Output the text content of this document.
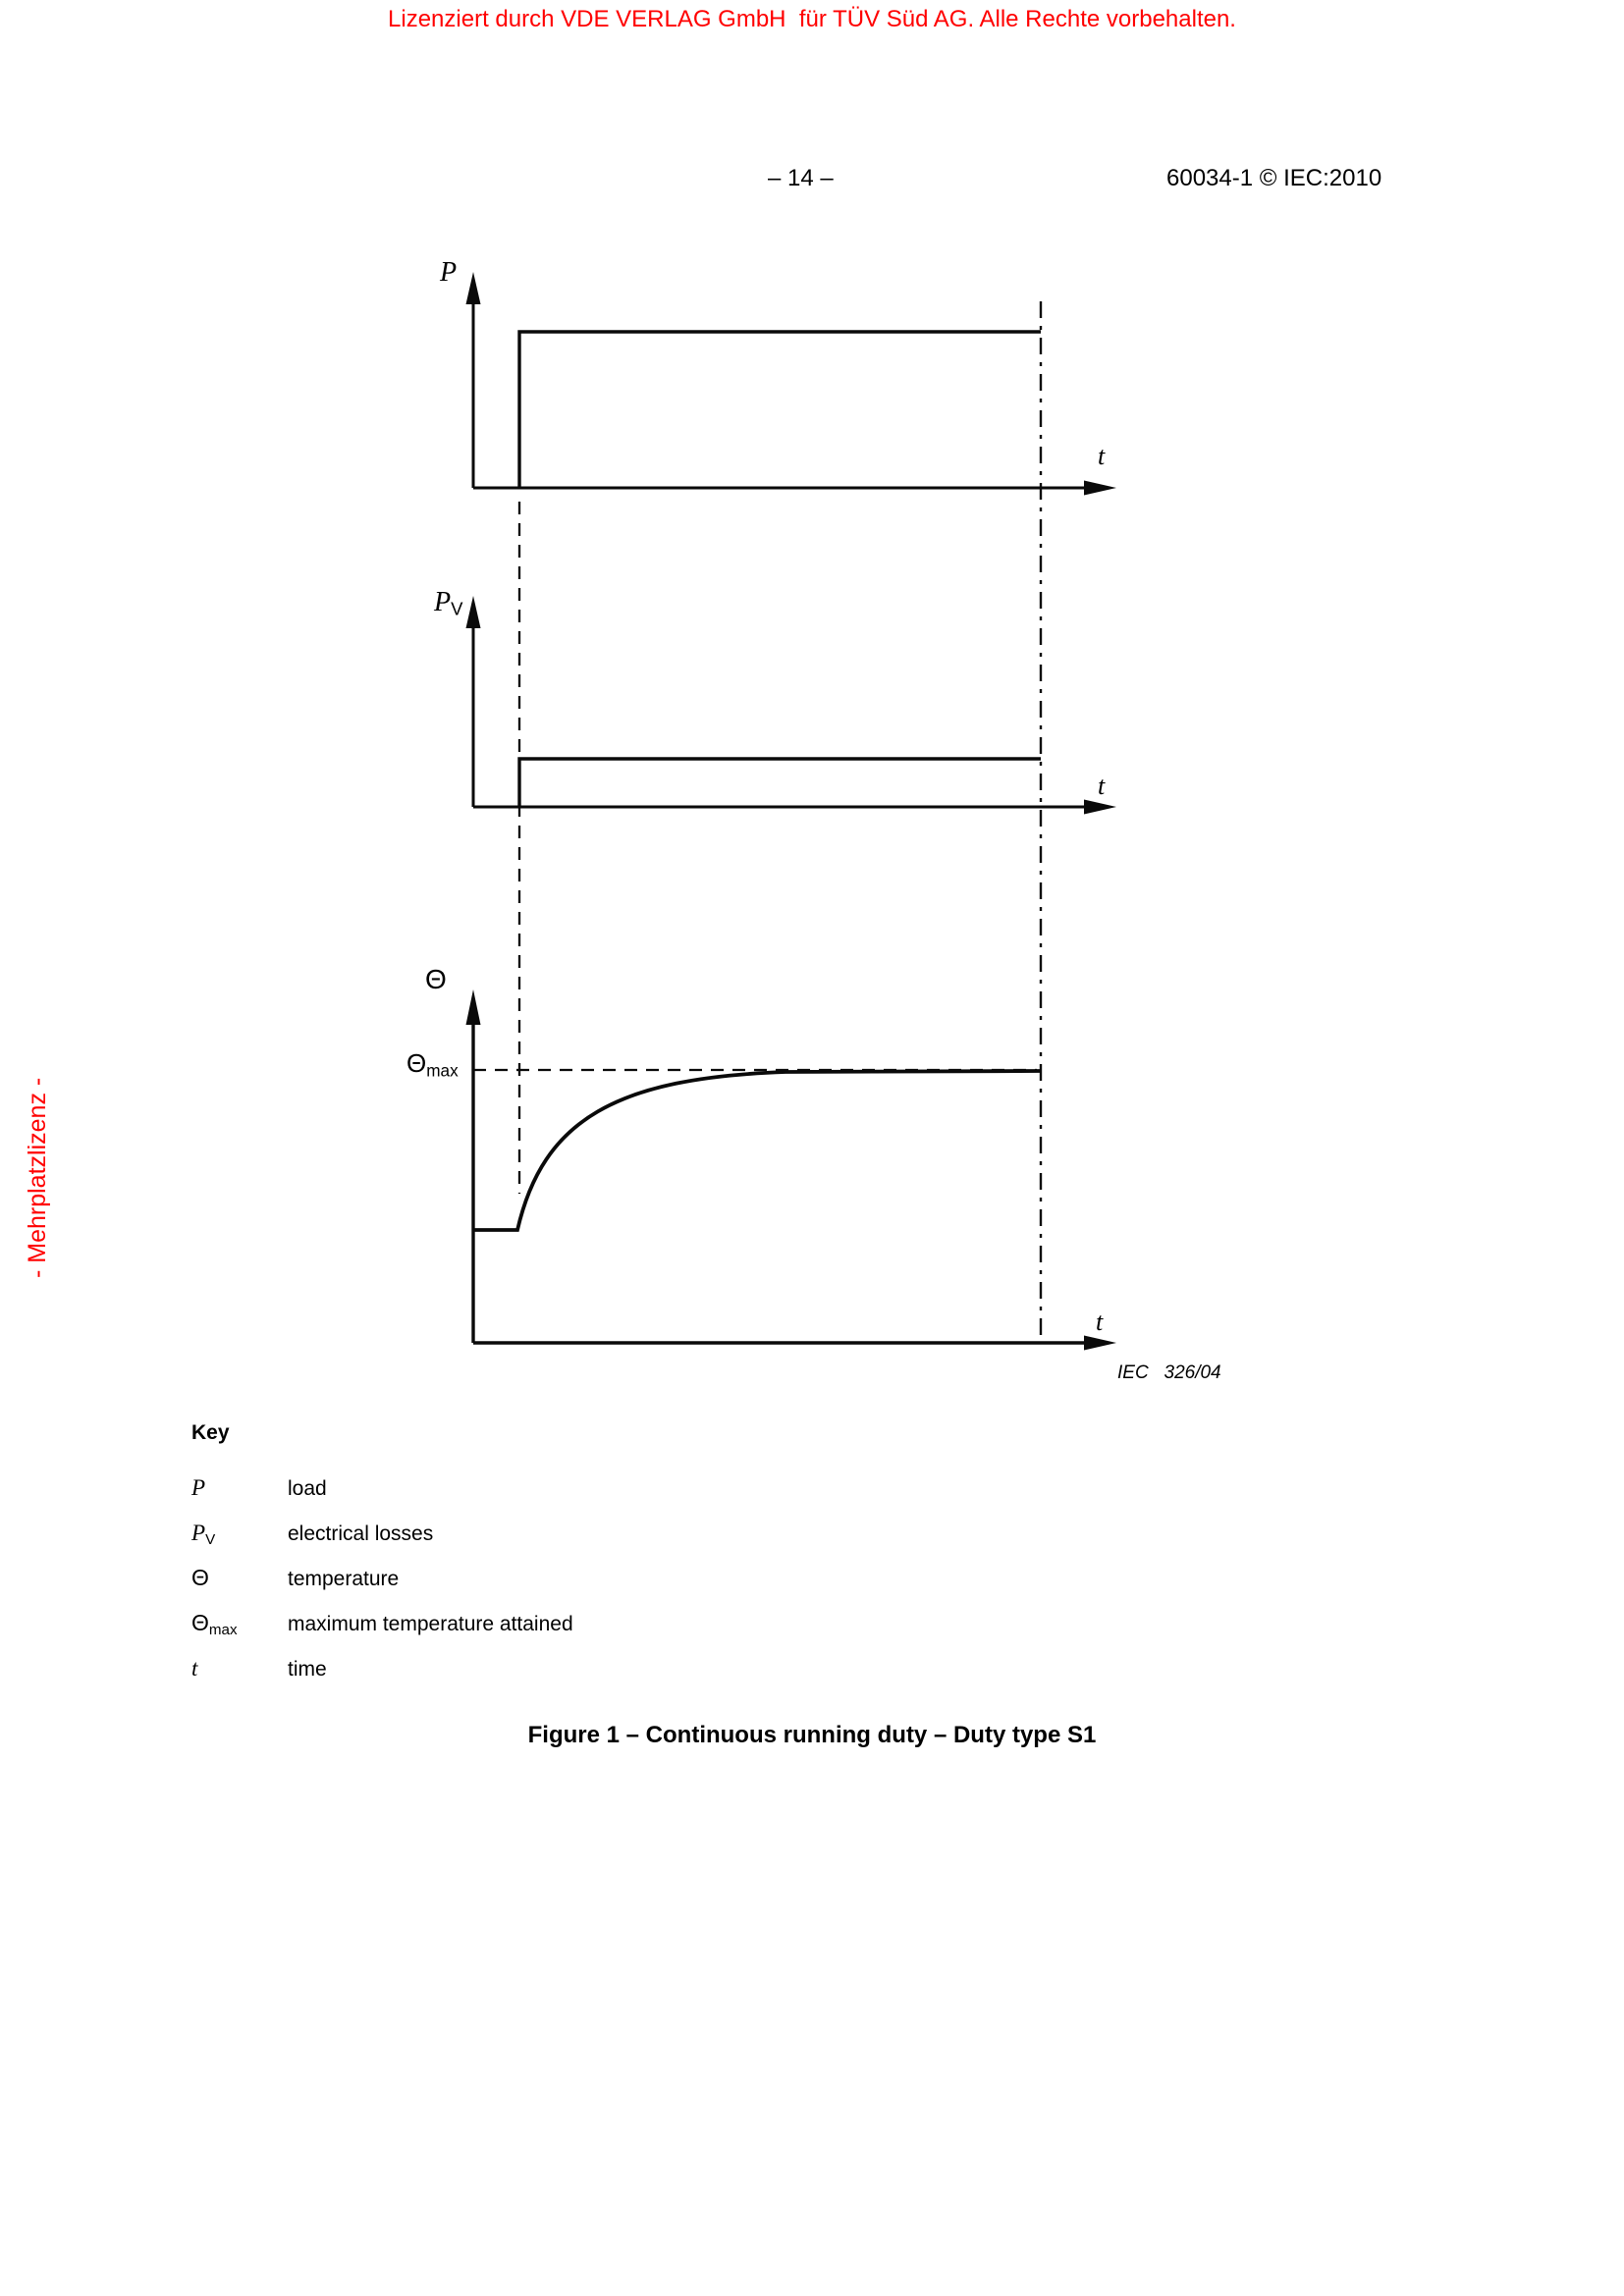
Lizenziert durch VDE VERLAG GmbH  für TÜV Süd AG. Alle Rechte vorbehalten.
- Mehrplatzlizenz -
– 14 –	60034-1 © IEC:2010
P
$P_V$
Θ
$\Theta_{max}$
t
t
t
IEC   326/04
Key
P	load
$P_V$	electrical losses
Θ	temperature
$\Theta_{max}$	maximum temperature attained
t	time
Figure 1 – Continuous running duty – Duty type S1
